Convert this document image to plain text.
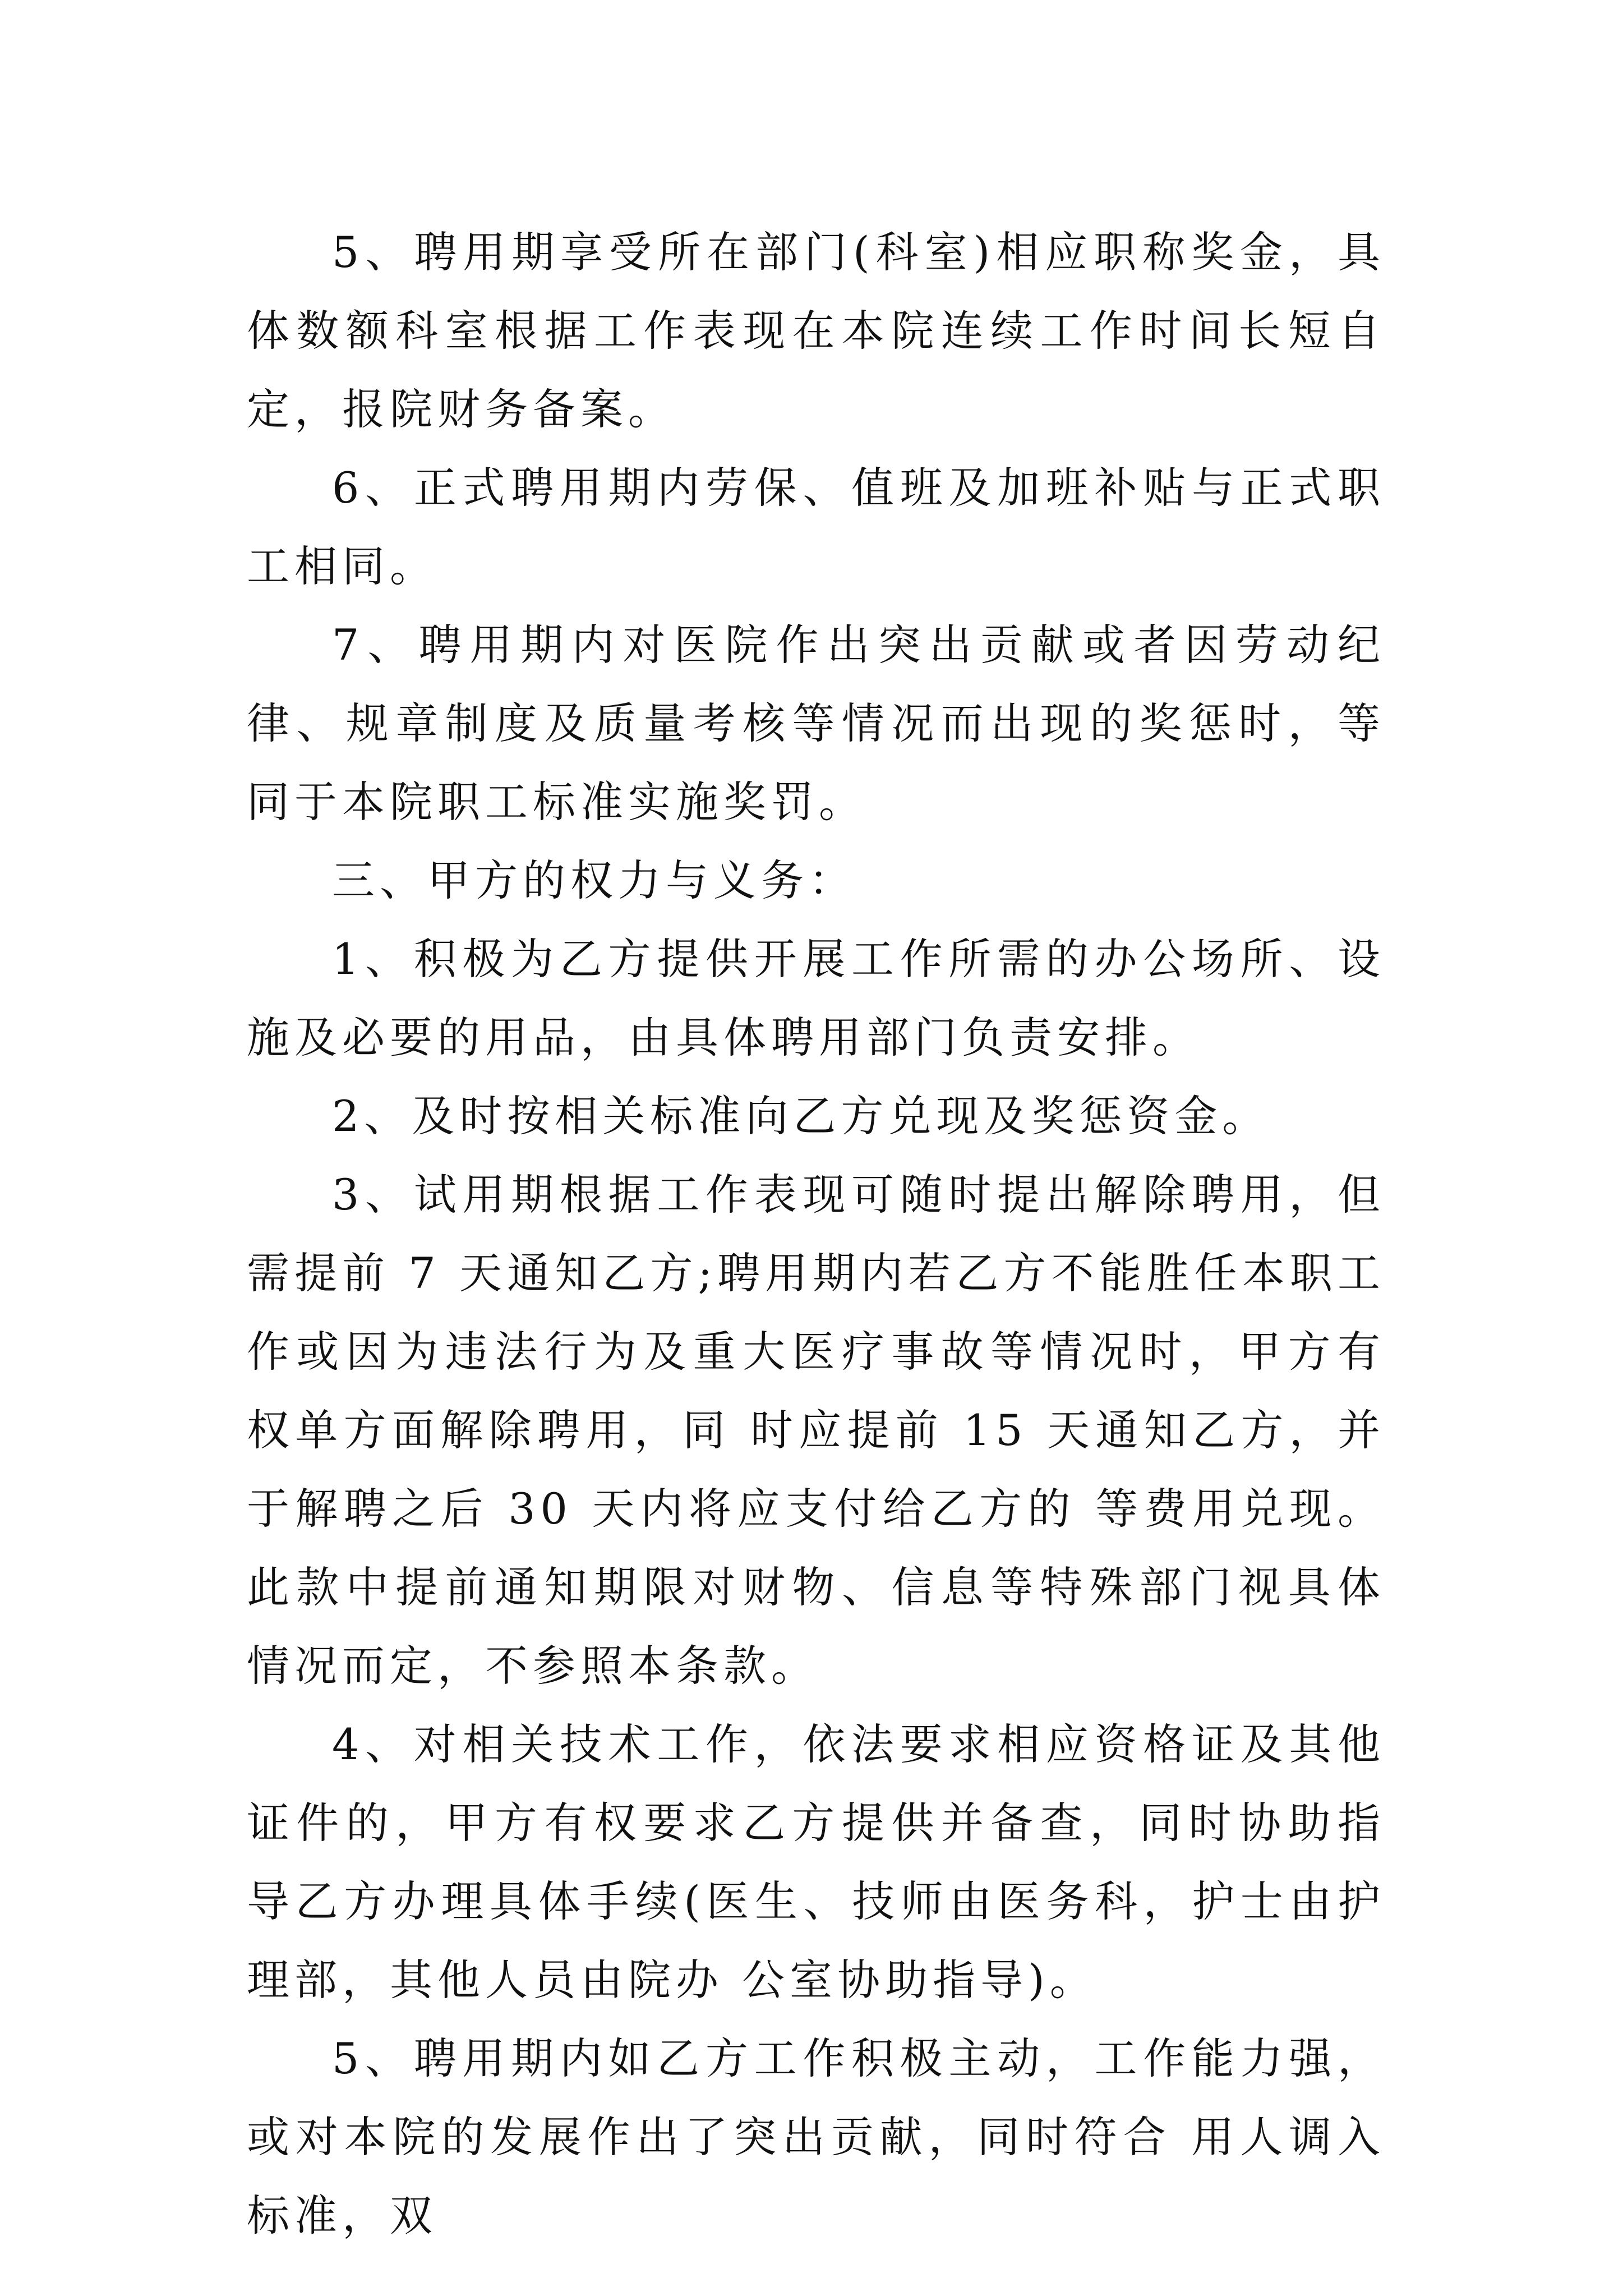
5、聘用期享受所在部门(科室)相应职称奖金，具体数额科室根据工作表现在本院连续工作时间长短自定，报院财务备案。

6、正式聘用期内劳保、值班及加班补贴与正式职工相同。

7、聘用期内对医院作出突出贡献或者因劳动纪律、规章制度及质量考核等情况而出现的奖惩时，等同于本院职工标准实施奖罚。

三、甲方的权力与义务：

1、积极为乙方提供开展工作所需的办公场所、设施及必要的用品，由具体聘用部门负责安排。

2、及时按相关标准向乙方兑现及奖惩资金。

3、试用期根据工作表现可随时提出解除聘用，但需提前 7 天通知乙方;聘用期内若乙方不能胜任本职工作或因为违法行为及重大医疗事故等情况时，甲方有权单方面解除聘用，同 时应提前 15 天通知乙方，并于解聘之后 30 天内将应支付给乙方的 等费用兑现。此款中提前通知期限对财物、信息等特殊部门视具体情况而定，不参照本条款。

4、对相关技术工作，依法要求相应资格证及其他证件的，甲方有权要求乙方提供并备查，同时协助指导乙方办理具体手续(医生、技师由医务科，护士由护理部，其他人员由院办 公室协助指导)。

5、聘用期内如乙方工作积极主动，工作能力强，或对本院的发展作出了突出贡献，同时符合 用人调入标准，双
